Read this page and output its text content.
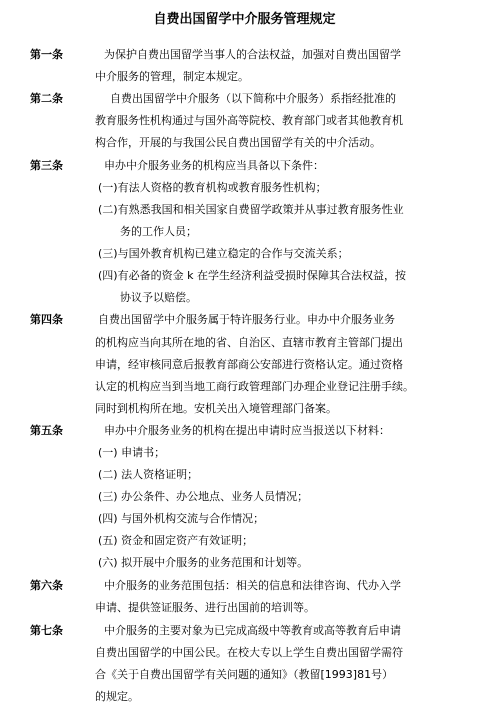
自费出国留学中介服务管理规定
第一条	为保护自费出国留学当事人的合法权益，加强对自费出国留学
中介服务的管理，制定本规定。
第二条	自费出国留学中介服务（以下简称中介服务）系指经批准的
教育服务性机构通过与国外高等院校、教育部门或者其他教育机
构合作，开展的与我国公民自费出国留学有关的中介活动。
第三条	申办中介服务业务的机构应当具备以下条件：
(一)有法人资格的教育机构或教育服务性机构；
(二)有熟悉我国和相关国家自费留学政策并从事过教育服务性业
务的工作人员；
(三)与国外教育机构已建立稳定的合作与交流关系；
(四)有必备的资金 k 在学生经济利益受损时保障其合法权益，按
协议予以赔偿。
第四条	自费出国留学中介服务属于特许服务行业。申办中介服务业务
的机构应当向其所在地的省、自治区、直辖市教育主管部门提出
申请，经审核同意后报教育部商公安部进行资格认定。通过资格
认定的机构应当到当地工商行政管理部门办理企业登记注册手续。
同时到机构所在地。安机关出入境管理部门备案。
第五条	申办中介服务业务的机构在提出申请时应当报送以下材料：
(一) 申请书；
(二) 法人资格证明；
(三) 办公条件、办公地点、业务人员情况；
(四) 与国外机构交流与合作情况；
(五) 资金和固定资产有效证明；
(六) 拟开展中介服务的业务范围和计划等。
第六条	中介服务的业务范围包括：相关的信息和法律咨询、代办入学
申请、提供签证服务、进行出国前的培训等。
第七条	中介服务的主要对象为已完成高级中等教育或高等教育后申请
自费出国留学的中国公民。在校大专以上学生自费出国留学需符
合《关于自费出国留学有关问题的通知》（教留[1993]81号）
的规定。
